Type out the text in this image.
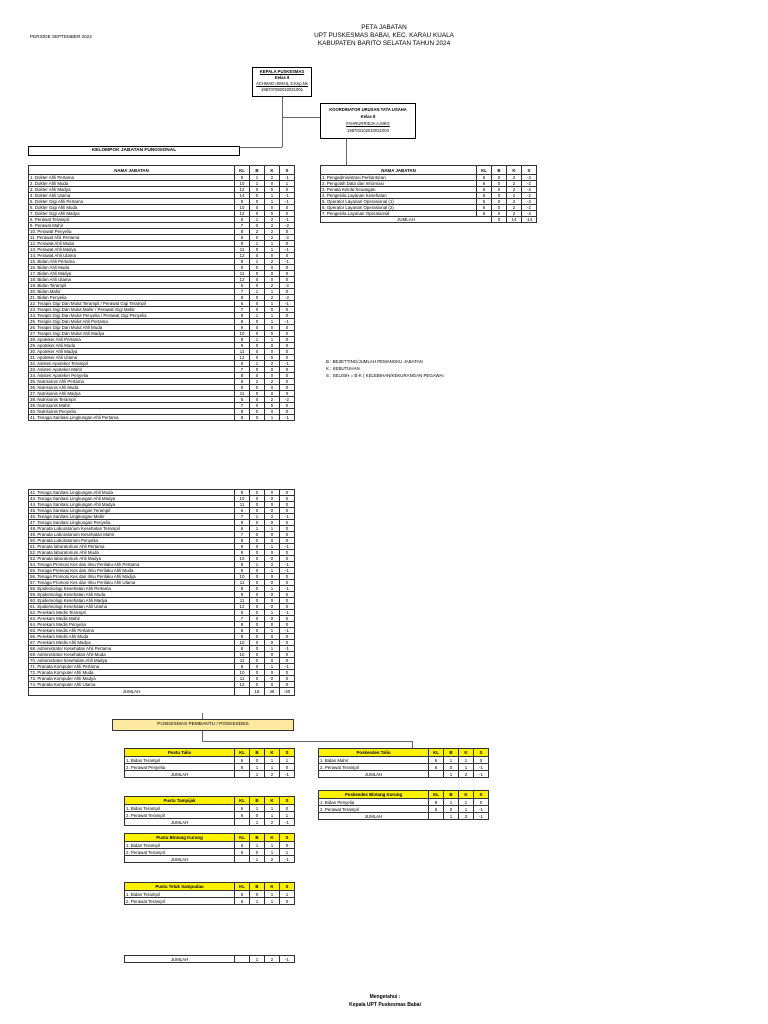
PERIODE SEPTEMBER 2024
PETA JABATAN
UPT PUSKESMAS BABAI, KEC. KARAU KUALA
KABUPATEN BARITO SELATAN TAHUN 2024
KEPALA PUSKESMAS
Kelas 9
ACHMAD ISMAIL S.Kep.Ns
198707082010031001
KOORDINATOR URUSAN TATA USAHA
Kelas 8
FAHRURRIDJA A.MKG
198703102010031003
KELOMPOK JABATAN FUNGSIONAL
NAMA JABATAN	KL	B	K	S
1. Dokter Ahli Pertama	9	1	2	-1
2. Dokter Ahli Muda	10	1	0	1
3. Dokter Ahli Madya	12	0	0	0
4. Dokter Ahli Utama	14	0	1	-1
5. Dokter Gigi Ahli Pertama	9	0	1	-1
6. Dokter Gigi Ahli Muda	10	0	0	0
7. Dokter Gigi Ahli Madya	12	0	0	0
8. Perawat Terampil	6	1	2	-1
9. Perawat Mahir	7	0	2	-2
10. Perawat Penyelia	8	2	2	0
11. Perawat Ahli Pertama	8	0	2	-2
12. Perawat Ahli Muda	9	1	1	0
13. Perawat Ahli Madya	11	0	1	-1
14. Perawat Ahli Utama	12	0	0	0
15. Bidan Ahli Pertama	8	1	2	-1
16. Bidan Ahli Muda	9	0	0	0
17. Bidan Ahli Madya	11	0	0	0
18. Bidan Ahli Utama	12	0	0	0
19. Bidan Terampil	6	0	2	-2
20. Bidan Mahir	7	1	1	0
21. Bidan Penyelia	8	0	2	-2
22. Terapis Gigi Dan Mulut Terampil / Perawat Gigi Terampil	6	0	1	-1
23. Terapis Gigi Dan Mulut Mahir / Perawat Gigi Mahir	7	0	0	0
24. Terapis Gigi Dan Mulut Penyelia / Perawat Gigi Penyelia	8	1	1	0
25. Terapis Gigi Dan Mulut Ahli Pertama	8	0	1	-1
26. Terapis Gigi Dan Mulut Ahli Muda	9	0	0	0
27. Terapis Gigi Dan Mulut Ahli Madya	10	0	0	0
28. Apoteker Ahli Pertama	8	1	1	0
29. Apoteker Ahli Muda	9	0	0	0
30. Apoteker Ahli Madya	11	0	0	0
31. Apoteker Ahli Utama	12	0	0	0
32. Asisten Apoteker Terampil	6	1	2	-1
33. Asisten Apoteker Mahir	7	0	0	0
34. Asisten Apoteker Penyelia	8	0	0	0
35. Nutrisionis Ahli Pertama	8	2	2	0
36. Nutrisionis Ahli Muda	9	0	0	0
37. Nutrisionis Ahli Madya	11	0	0	0
38. Nutrisionis Terampil	6	0	2	-2
39. Nutrisionis Mahir	7	0	0	0
40. Nutrisionis Penyelia	8	0	0	0
41. Tenaga Sanitasi Lingkungan Ahli Pertama	8	0	1	-1
NAMA JABATAN	KL	B	K	S
1. Pengadministrasi Perkantoran	6	0	2	-2
2. Pengolah Data dan Informasi	6	0	2	-2
3. Penata Kelola Keuangan	6	0	2	-2
4. Pengelola Layanan Kesehatan	6	0	2	-2
5. Operator Layanan Operasional (1)	5	0	2	-2
6. Operator Layanan Operasional (2)	6	0	2	-2
7. Pengelola Layanan Operasional	6	0	2	-2
JUMLAH		0	14	-14
B : BEZETTING/JUMLAH PEMANGKU JABATAN
K : KEBUTUHAN
S : SELISIH = B-K ( KELEBIHAN/KEKURANGAN PEGAWAI
42. Tenaga Sanitasi Lingkungan Ahli Muda	9	0	0	0
43. Tenaga Sanitasi Lingkungan Ahli Madya	10	0	0	0
44. Tenaga Sanitasi Lingkungan Ahli Madya	11	0	0	0
45. Tenaga Sanitasi Lingkungan Terampil	6	0	0	0
46. Tenaga Sanitasi Lingkungan Mahir	7	1	2	-1
47. Tenaga Sanitasi Lingkungan Penyelia	8	0	0	0
48. Pranata Laboratorium Kesehatan Terampil	6	1	1	0
49. Pranata Laboratorium Kesehatan Mahir	7	0	0	0
50. Pranata Laboratorium Penyelia	8	0	0	0
51. Pranata laboratorium Ahli Pertama	8	0	1	-1
52. Pranata laboratorium Ahli Muda	9	0	0	0
53. Pranata laboratorium Ahli Madya	10	0	0	0
54. Tenaga Promosi Kes dan Ilmu Perilaku Ahli Pertama	8	1	2	-1
55. Tenaga Promosi Kes dan Ilmu Perilaku Ahli Muda	9	0	1	-1
56. Tenaga Promosi Kes dan Ilmu Perilaku Ahli Madya	10	0	0	0
57. Tenaga Promosi Kes dan Ilmu Perilaku Ahli Utama	11	0	0	0
58. Epidemiologi Kesehatan Ahli Pertama	8	0	1	-1
59. Epidemiologi Kesehatan Ahli Muda	9	0	0	0
60. Epidemiologi Kesehatan Ahli Madya	11	0	0	0
61. Epidemiologi Kesehatan Ahli Utama	12	0	0	0
62. Perekam Medis Terampil	6	0	1	-1
63. Perekam Medis Mahir	7	0	0	0
64. Perekam Medis Penyelia	8	0	0	0
65. Perekam Medis Ahli Pertama	8	0	1	-1
66. Perekam Medis Ahli Muda	9	0	0	0
67. Perekam Medis Ahli Madya	10	0	0	0
68. Administrator Kesehatan Ahli Pertama	8	0	1	-1
69. Administrator Kesehatan Ahli Muda	10	0	0	0
70. Administrator kesehatan Ahli Madya	11	0	0	0
71. Pranata Komputer Ahli Pertama	8	0	1	-1
72. Pranata Komputer Ahli Muda	10	0	0	0
73. Pranata Komputer Ahli Madya	11	0	0	0
74. Pranata Komputer Ahli Utama	12	0	0	0
JUMLAH		18	48	-30
PUSKESMAS PEMBANTU / POSKESDES
Pustu Talio	KL	B	K	S
1. Bidan Terampil	6	0	1	1
2. Perawat Penyelia	8	1	1	0
JUMLAH		1	2	-1
Pustu Tampijak	KL	B	K	S
1. Bidan Terampil	6	1	1	0
2. Perawat Terampil	6	0	1	1
JUMLAH		1	2	-1
Pustu Bintang Kurung	KL	B	K	S
1. Bidan Terampil	6	1	1	0
2. Perawat Terampil	6	0	1	1
JUMLAH		1	2	-1
Pustu Teluk Sampudau	KL	B	K	S
1. Bidan Terampil	6	0	1	1
2. Perawat Terampil	6	1	1	0
Poskesdes Talio	KL	B	K	S
1. Bidan Mahir	6	1	1	0
2. Perawat Terampil	6	0	1	-1
JUMLAH		1	2	-1
Poskesdes Bintang Kurung	KL	B	K	S
1. Bidan Penyelia	8	1	1	0
2. Perawat Terampil	6	0	1	-1
JUMLAH		1	2	-1
JUMLAH		1	2	-1
Mengetahui :
Kepala UPT Puskesmas Babai
